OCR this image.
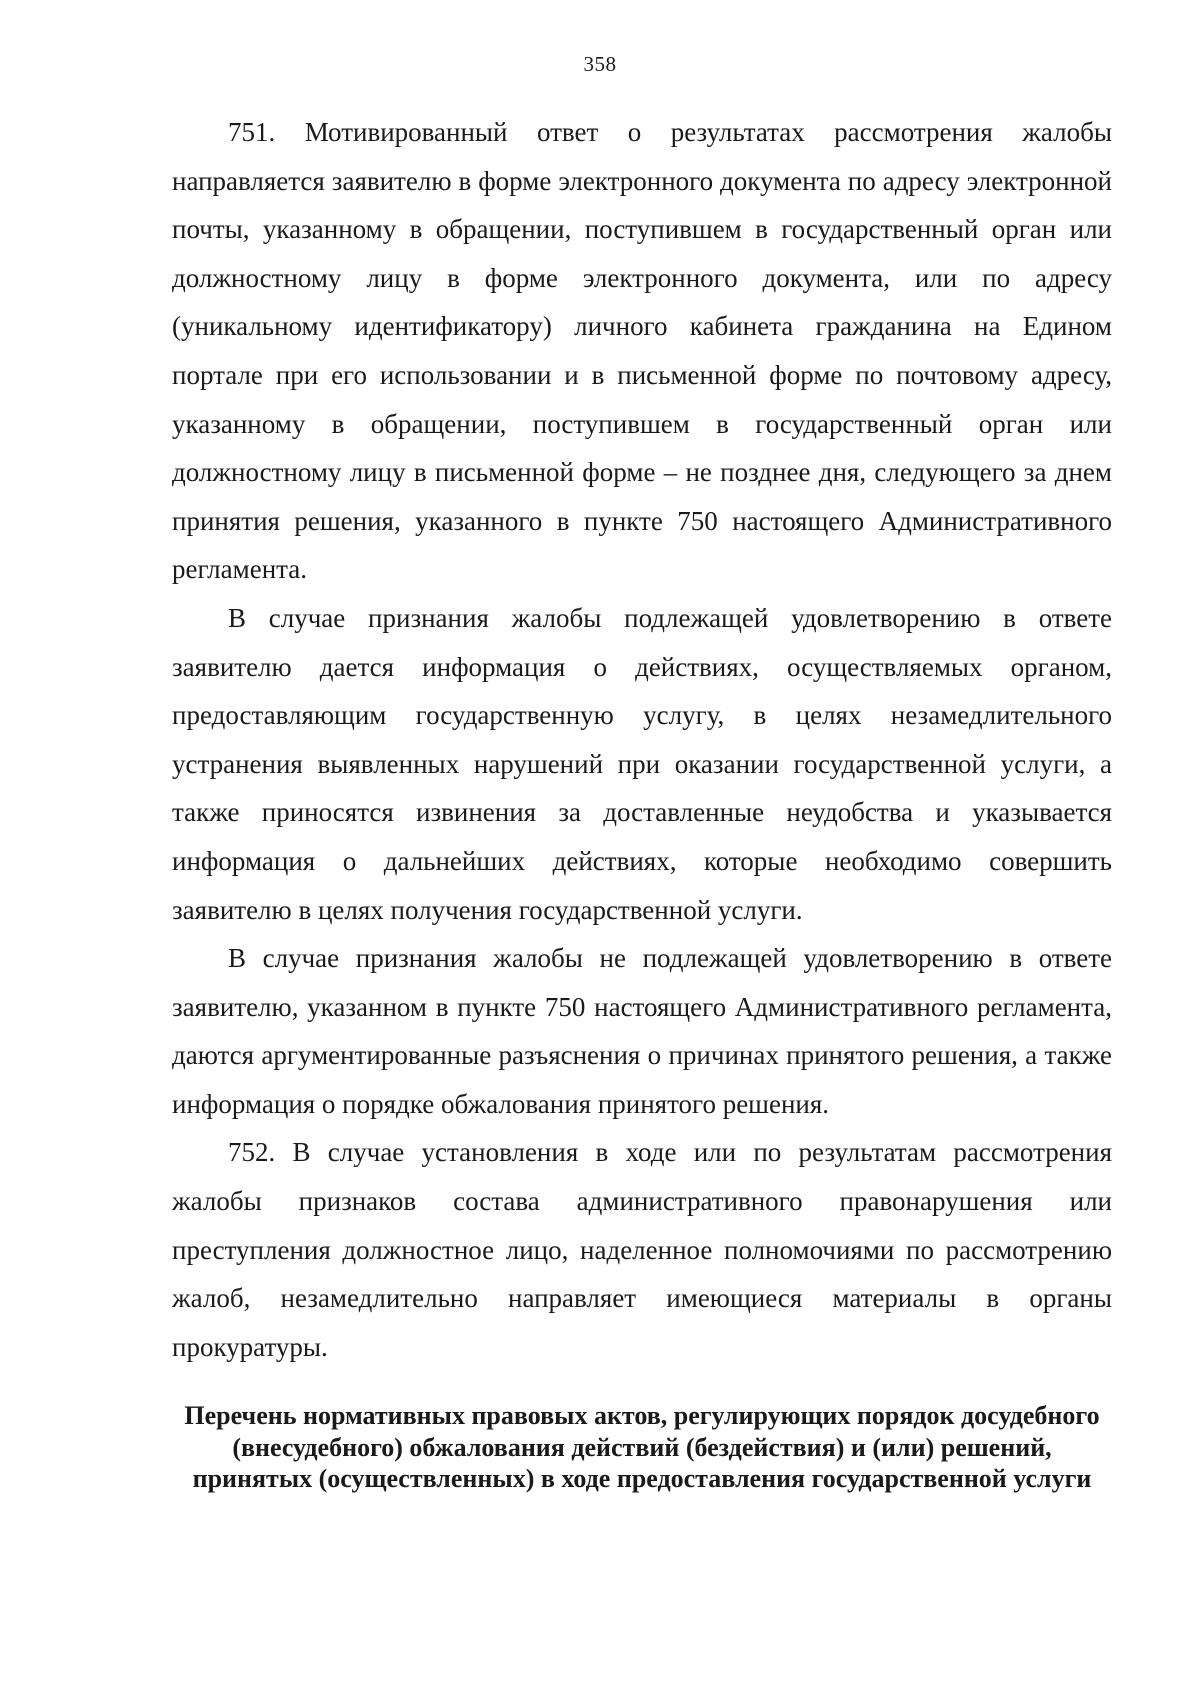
358

751. Мотивированный ответ о результатах рассмотрения жалобы направляется заявителю в форме электронного документа по адресу электронной почты, указанному в обращении, поступившем в государственный орган или должностному лицу в форме электронного документа, или по адресу (уникальному идентификатору) личного кабинета гражданина на Едином портале при его использовании и в письменной форме по почтовому адресу, указанному в обращении, поступившем в государственный орган или должностному лицу в письменной форме – не позднее дня, следующего за днем принятия решения, указанного в пункте 750 настоящего Административного регламента.

В случае признания жалобы подлежащей удовлетворению в ответе заявителю дается информация о действиях, осуществляемых органом, предоставляющим государственную услугу, в целях незамедлительного устранения выявленных нарушений при оказании государственной услуги, а также приносятся извинения за доставленные неудобства и указывается информация о дальнейших действиях, которые необходимо совершить заявителю в целях получения государственной услуги.

В случае признания жалобы не подлежащей удовлетворению в ответе заявителю, указанном в пункте 750 настоящего Административного регламента, даются аргументированные разъяснения о причинах принятого решения, а также информация о порядке обжалования принятого решения.

752. В случае установления в ходе или по результатам рассмотрения жалобы признаков состава административного правонарушения или преступления должностное лицо, наделенное полномочиями по рассмотрению жалоб, незамедлительно направляет имеющиеся материалы в органы прокуратуры.

Перечень нормативных правовых актов, регулирующих порядок досудебного (внесудебного) обжалования действий (бездействия) и (или) решений, принятых (осуществленных) в ходе предоставления государственной услуги
